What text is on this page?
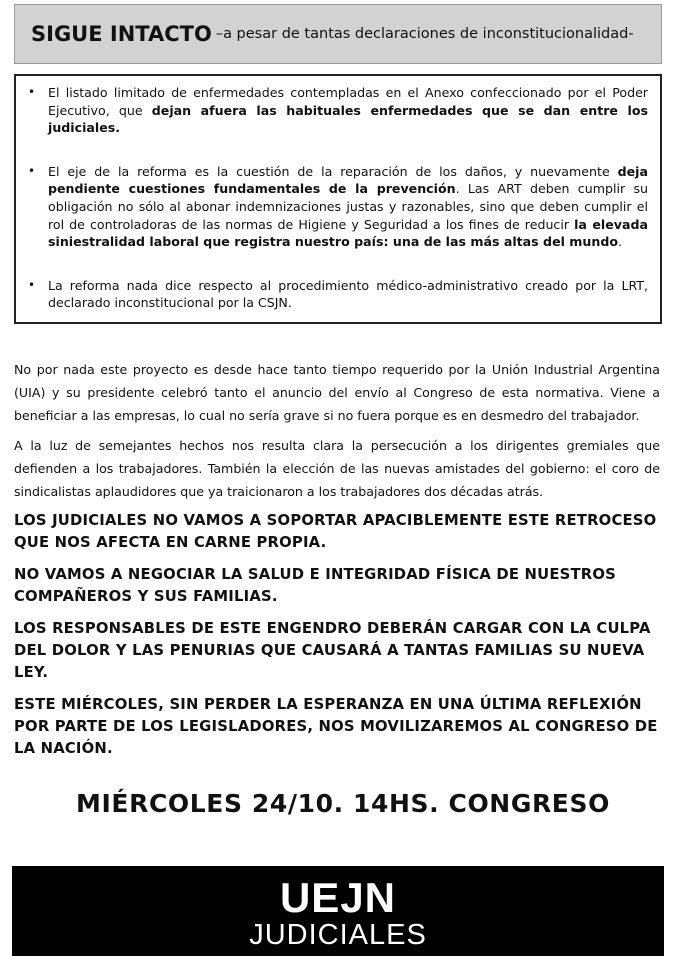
SIGUE INTACTO –a pesar de tantas declaraciones de inconstitucionalidad-
• El listado limitado de enfermedades contempladas en el Anexo confeccionado por el Poder Ejecutivo, que dejan afuera las habituales enfermedades que se dan entre los judiciales.
• El eje de la reforma es la cuestión de la reparación de los daños, y nuevamente deja pendiente cuestiones fundamentales de la prevención. Las ART deben cumplir su obligación no sólo al abonar indemnizaciones justas y razonables, sino que deben cumplir el rol de controladoras de las normas de Higiene y Seguridad a los fines de reducir la elevada siniestralidad laboral que registra nuestro país: una de las más altas del mundo.
• La reforma nada dice respecto al procedimiento médico-administrativo creado por la LRT, declarado inconstitucional por la CSJN.
No por nada este proyecto es desde hace tanto tiempo requerido por la Unión Industrial Argentina (UIA) y su presidente celebró tanto el anuncio del envío al Congreso de esta normativa. Viene a beneficiar a las empresas, lo cual no sería grave si no fuera porque es en desmedro del trabajador.
A la luz de semejantes hechos nos resulta clara la persecución a los dirigentes gremiales que defienden a los trabajadores. También la elección de las nuevas amistades del gobierno: el coro de sindicalistas aplaudidores que ya traicionaron a los trabajadores dos décadas atrás.
LOS JUDICIALES NO VAMOS A SOPORTAR APACIBLEMENTE ESTE RETROCESO QUE NOS AFECTA EN CARNE PROPIA.
NO VAMOS A NEGOCIAR LA SALUD E INTEGRIDAD FÍSICA DE NUESTROS COMPAÑEROS Y SUS FAMILIAS.
LOS RESPONSABLES DE ESTE ENGENDRO DEBERÁN CARGAR CON LA CULPA DEL DOLOR Y LAS PENURIAS QUE CAUSARÁ A TANTAS FAMILIAS SU NUEVA LEY.
ESTE MIÉRCOLES, SIN PERDER LA ESPERANZA EN UNA ÚLTIMA REFLEXIÓN POR PARTE DE LOS LEGISLADORES, NOS MOVILIZAREMOS AL CONGRESO DE LA NACIÓN.
MIÉRCOLES 24/10. 14HS. CONGRESO
UEJN
JUDICIALES
